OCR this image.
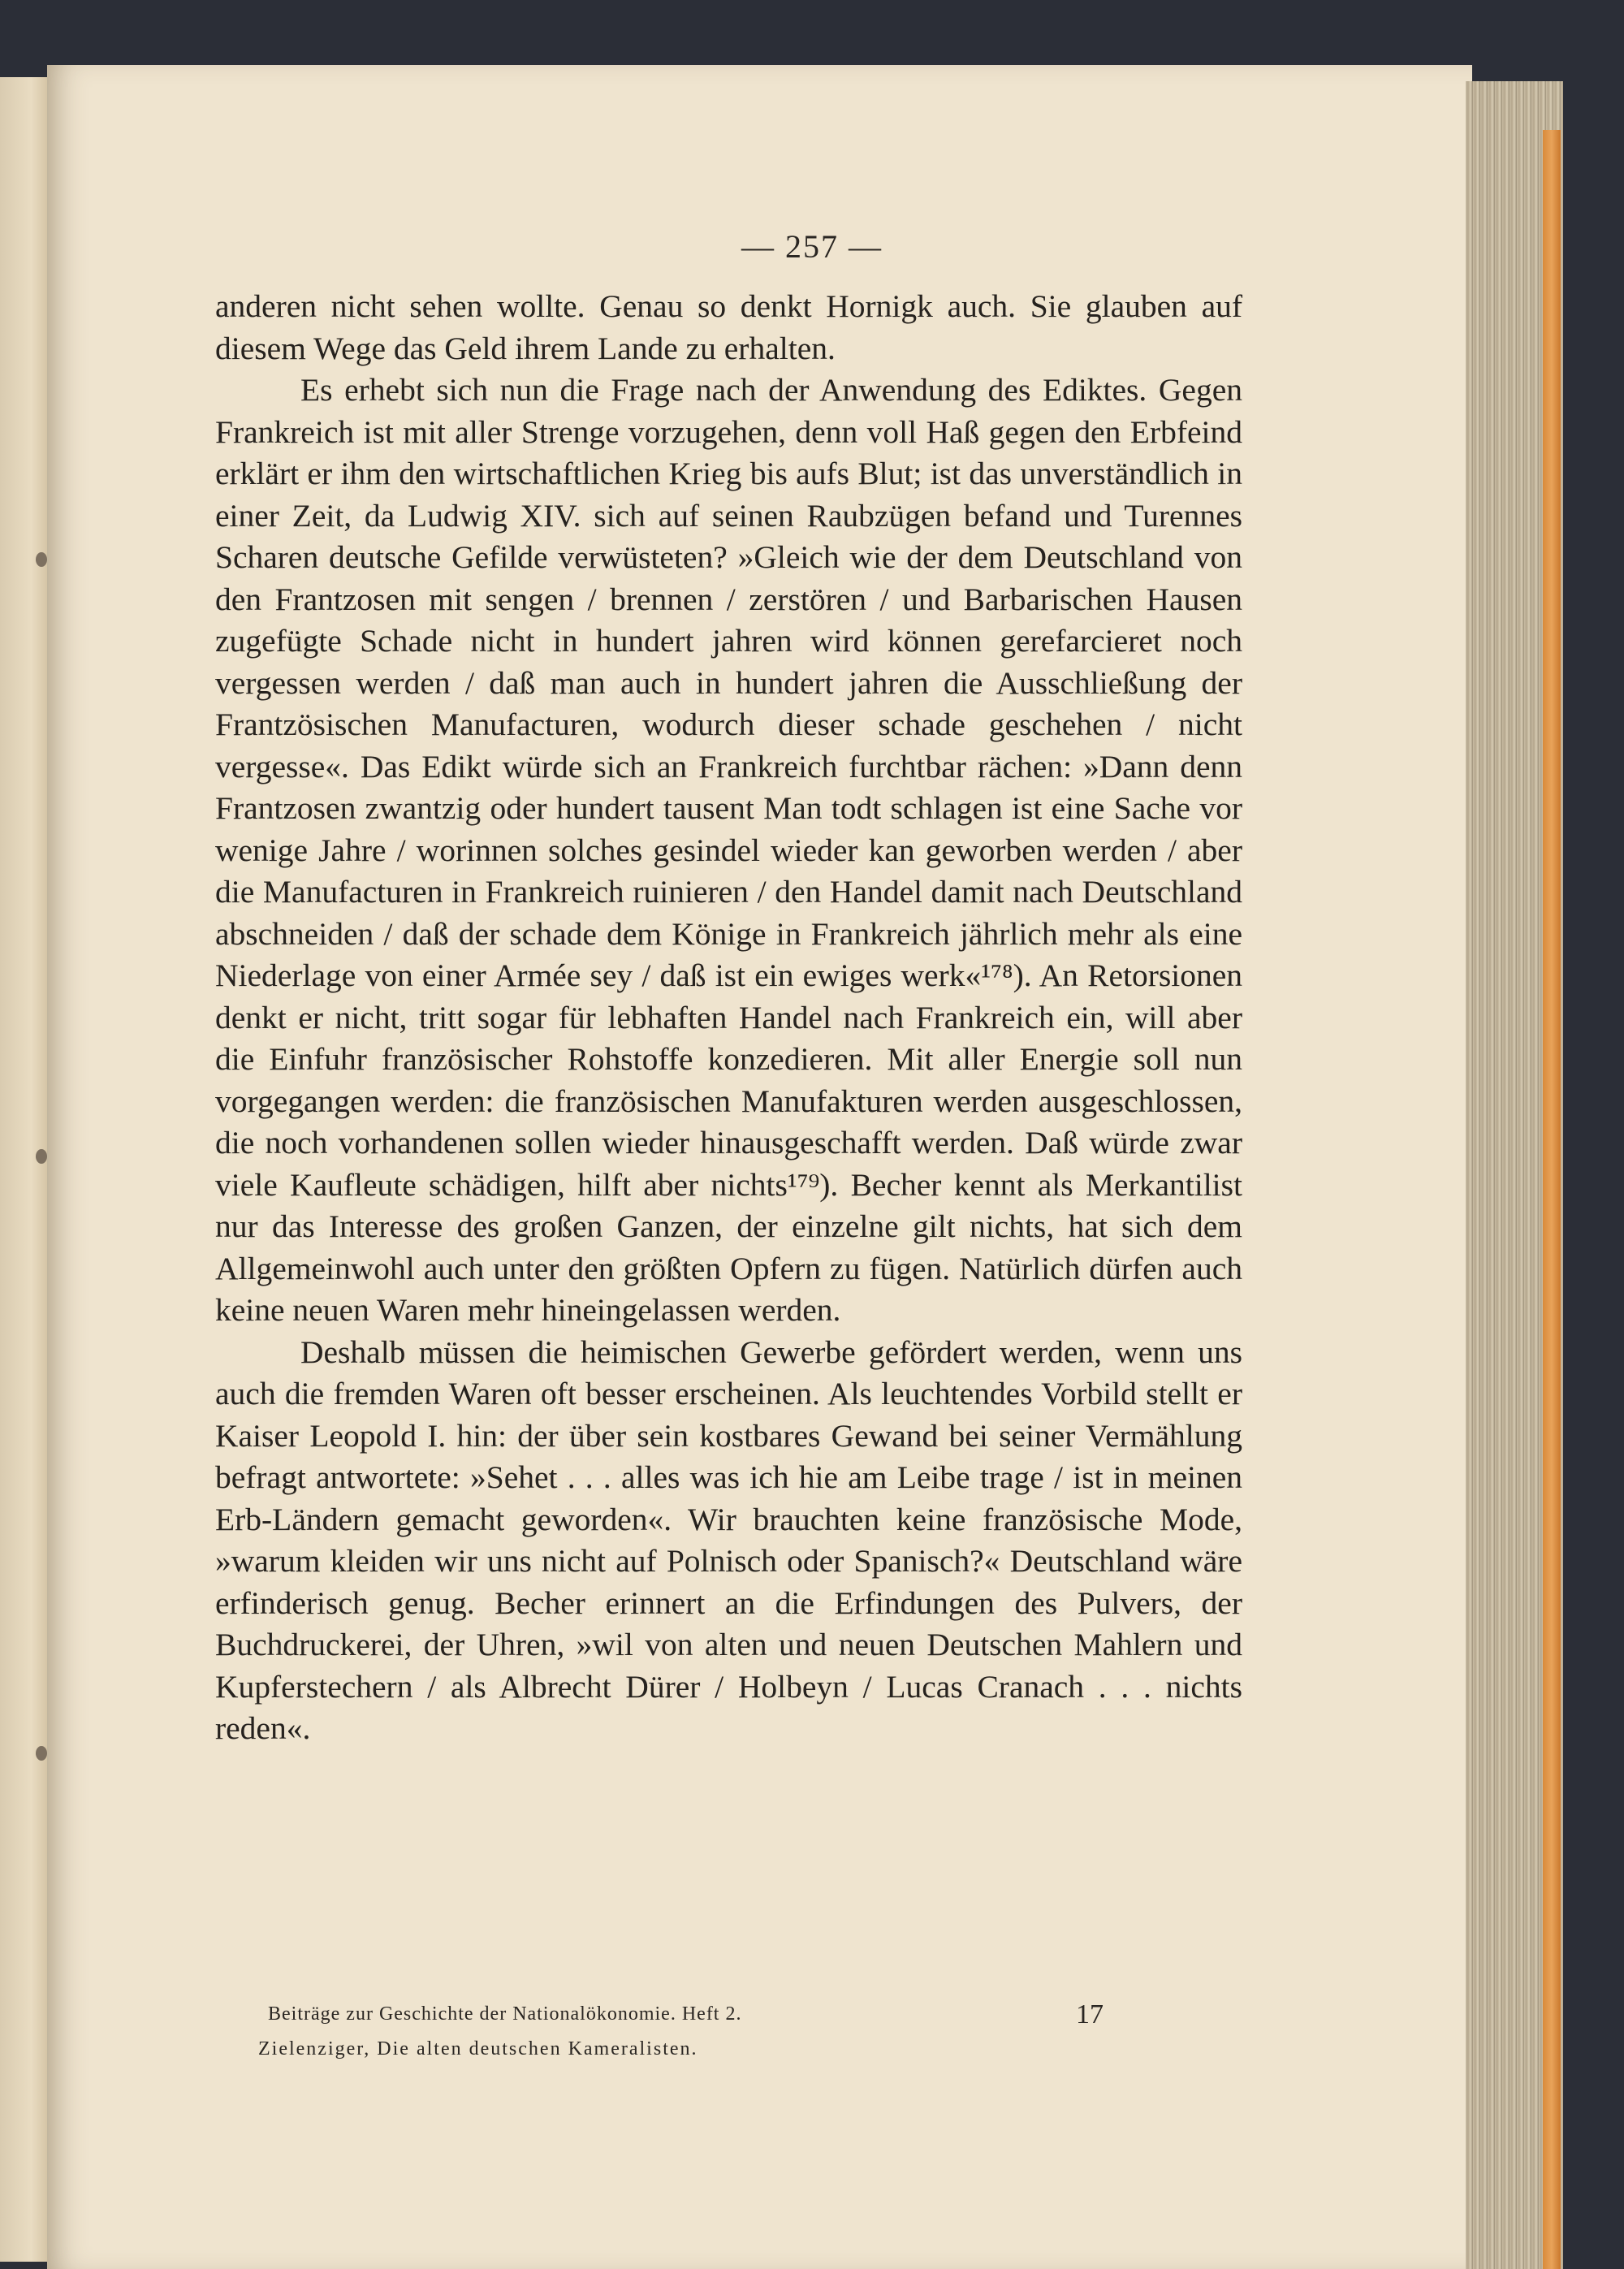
— 257 —

anderen nicht sehen wollte. Genau so denkt Hornigk auch. Sie glauben auf diesem Wege das Geld ihrem Lande zu erhalten.

Es erhebt sich nun die Frage nach der Anwendung des Ediktes. Gegen Frankreich ist mit aller Strenge vorzugehen, denn voll Haß gegen den Erbfeind erklärt er ihm den wirtschaftlichen Krieg bis aufs Blut; ist das unverständlich in einer Zeit, da Ludwig XIV. sich auf seinen Raubzügen befand und Turennes Scharen deutsche Gefilde verwüsteten? »Gleich wie der dem Deutschland von den Frantzosen mit sengen / brennen / zerstören / und Barbarischen Hausen zugefügte Schade nicht in hundert jahren wird können gerefarcieret noch vergessen werden / daß man auch in hundert jahren die Ausschließung der Frantzösischen Manufacturen, wodurch dieser schade geschehen / nicht vergesse«. Das Edikt würde sich an Frankreich furchtbar rächen: »Dann denn Frantzosen zwantzig oder hundert tausent Man todt schlagen ist eine Sache vor wenige Jahre / worinnen solches gesindel wieder kan geworben werden / aber die Manufacturen in Frankreich ruinieren / den Handel damit nach Deutschland abschneiden / daß der schade dem Könige in Frankreich jährlich mehr als eine Niederlage von einer Armée sey / daß ist ein ewiges werk«¹⁷⁸). An Retorsionen denkt er nicht, tritt sogar für lebhaften Handel nach Frankreich ein, will aber die Einfuhr französischer Rohstoffe konzedieren. Mit aller Energie soll nun vorgegangen werden: die französischen Manufakturen werden ausgeschlossen, die noch vorhandenen sollen wieder hinausgeschafft werden. Daß würde zwar viele Kaufleute schädigen, hilft aber nichts¹⁷⁹). Becher kennt als Merkantilist nur das Interesse des großen Ganzen, der einzelne gilt nichts, hat sich dem Allgemeinwohl auch unter den größten Opfern zu fügen. Natürlich dürfen auch keine neuen Waren mehr hineingelassen werden.

Deshalb müssen die heimischen Gewerbe gefördert werden, wenn uns auch die fremden Waren oft besser erscheinen. Als leuchtendes Vorbild stellt er Kaiser Leopold I. hin: der über sein kostbares Gewand bei seiner Vermählung befragt antwortete: »Sehet . . . alles was ich hie am Leibe trage / ist in meinen Erb-Ländern gemacht geworden«. Wir brauchten keine französische Mode, »warum kleiden wir uns nicht auf Polnisch oder Spanisch?« Deutschland wäre erfinderisch genug. Becher erinnert an die Erfindungen des Pulvers, der Buchdruckerei, der Uhren, »wil von alten und neuen Deutschen Mahlern und Kupferstechern / als Albrecht Dürer / Holbeyn / Lucas Cranach . . . nichts reden«.

Beiträge zur Geschichte der Nationalökonomie. Heft 2.	17
Zielenziger, Die alten deutschen Kameralisten.
